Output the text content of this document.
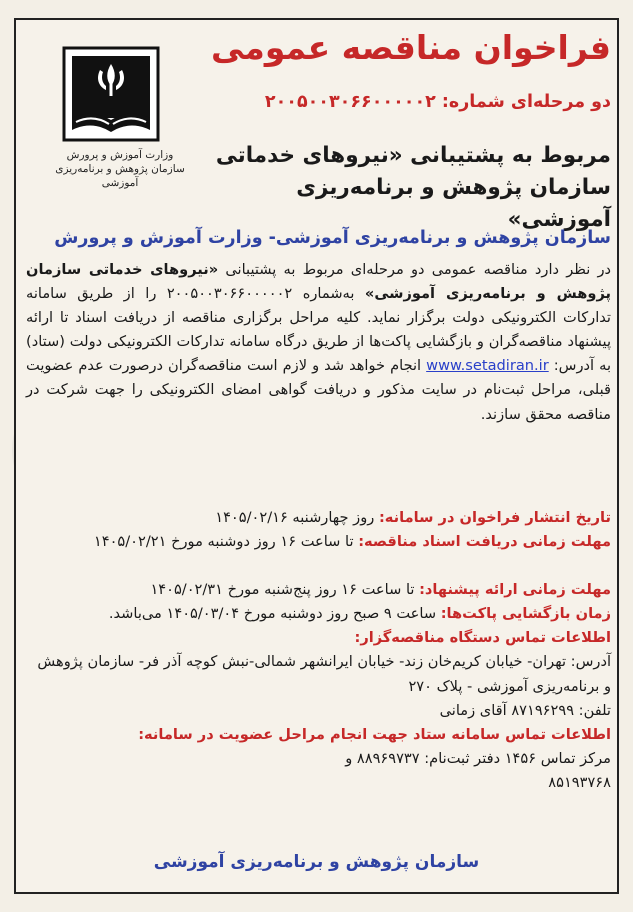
وزارت آموزش و پرورش
سازمان پژوهش و برنامه‌ریزی آموزشی
فراخوان مناقصه عمومی
دو مرحله‌ای شماره: ۲۰۰۵۰۰۳۰۶۶۰۰۰۰۰۲
مربوط به پشتیبانی «نیروهای خدماتی
سازمان پژوهش و برنامه‌ریزی آموزشی»
سازمان پژوهش و برنامه‌ریزی آموزشی- وزارت آموزش و پرورش
در نظر دارد مناقصه عمومی دو مرحله‌ای مربوط به پشتیبانی «نیروهای خدماتی سازمان پژوهش و برنامه‌ریزی آموزشی» به‌شماره ۲۰۰۵۰۰۳۰۶۶۰۰۰۰۰۲ را از طریق سامانه تدارکات الکترونیکی دولت برگزار نماید. کلیه مراحل برگزاری مناقصه از دریافت اسناد تا ارائه پیشنهاد مناقصه‌گران و بازگشایی پاکت‌ها از طریق درگاه سامانه تدارکات الکترونیکی دولت (ستاد) به آدرس: www.setadiran.ir انجام خواهد شد و لازم است مناقصه‌گران درصورت عدم عضویت قبلی، مراحل ثبت‌نام در سایت مذکور و دریافت گواهی امضای الکترونیکی را جهت شرکت در مناقصه محقق سازند.

تاریخ انتشار فراخوان در سامانه: روز چهارشنبه ۱۴۰۵/۰۲/۱۶

مهلت زمانی دریافت اسناد مناقصه: تا ساعت ۱۶ روز دوشنبه مورخ ۱۴۰۵/۰۲/۲۱

مهلت زمانی ارائه پیشنهاد: تا ساعت ۱۶ روز پنج‌شنبه مورخ ۱۴۰۵/۰۲/۳۱

زمان بازگشایی پاکت‌ها: ساعت ۹ صبح روز دوشنبه مورخ ۱۴۰۵/۰۳/۰۴ می‌باشد.

اطلاعات تماس دستگاه مناقصه‌گزار:

آدرس: تهران- خیابان کریم‌خان زند- خیابان ایرانشهر شمالی-نبش کوچه آذر فر- سازمان پژوهش و برنامه‌ریزی آموزشی - پلاک ۲۷۰

تلفن: ۸۷۱۹۶۲۹۹ آقای زمانی

اطلاعات تماس سامانه ستاد جهت انجام مراحل عضویت در سامانه:

مرکز تماس ۱۴۵۶ دفتر ثبت‌نام: ۸۸۹۶۹۷۳۷ و

۸۵۱۹۳۷۶۸

سازمان پژوهش و برنامه‌ریزی آموزشی
